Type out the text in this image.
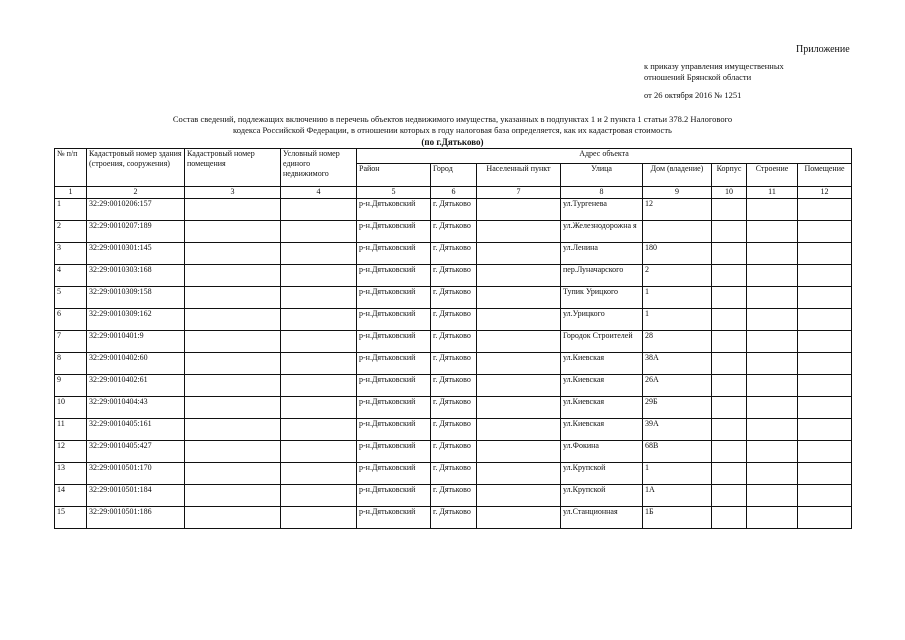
Приложение
к приказу управления имущественных
отношений Брянской области
от 26 октября 2016 № 1251
Состав сведений, подлежащих включению в перечень объектов недвижимого имущества, указанных в подпунктах 1 и 2 пункта 1 статьи 378.2 Налогового
кодекса Российской Федерации, в отношении которых в году налоговая база определяется, как их кадастровая стоимость
(по г.Дятьково)
№ п/п	Кадастровый номер здания (строения, сооружения)	Кадастровый номер помещения	Условный номер единого недвижимого	Адрес объекта							
				Район	Город	Населенный пункт	Улица	Дом (владение)	Корпус	Строение	Помещение
1	2	3	4	5	6	7	8	9	10	11	12
1	32:29:0010206:157			р-н.Дятьковский	г. Дятьково		ул.Тургенева	12			
2	32:29:0010207:189			р-н.Дятьковский	г. Дятьково		ул.Железнодорожна я				
3	32:29:0010301:145			р-н.Дятьковский	г. Дятьково		ул.Ленина	180			
4	32:29:0010303:168			р-н.Дятьковский	г. Дятьково		пер.Луначарского	2			
5	32:29:0010309:158			р-н.Дятьковский	г. Дятьково		Тупик Урицкого	1			
6	32:29:0010309:162			р-н.Дятьковский	г. Дятьково		ул.Урицкого	1			
7	32:29:0010401:9			р-н.Дятьковский	г. Дятьково		Городок Строителей	28			
8	32:29:0010402:60			р-н.Дятьковский	г. Дятьково		ул.Киевская	38А			
9	32:29:0010402:61			р-н.Дятьковский	г. Дятьково		ул.Киевская	26А			
10	32:29:0010404:43			р-н.Дятьковский	г. Дятьково		ул.Киевская	29Б			
11	32:29:0010405:161			р-н.Дятьковский	г. Дятьково		ул.Киевская	39А			
12	32:29:0010405:427			р-н.Дятьковский	г. Дятьково		ул.Фокина	68В			
13	32:29:0010501:170			р-н.Дятьковский	г. Дятьково		ул.Крупской	1			
14	32:29:0010501:184			р-н.Дятьковский	г. Дятьково		ул.Крупской	1А			
15	32:29:0010501:186			р-н.Дятьковский	г. Дятьково		ул.Станционная	1Б			
